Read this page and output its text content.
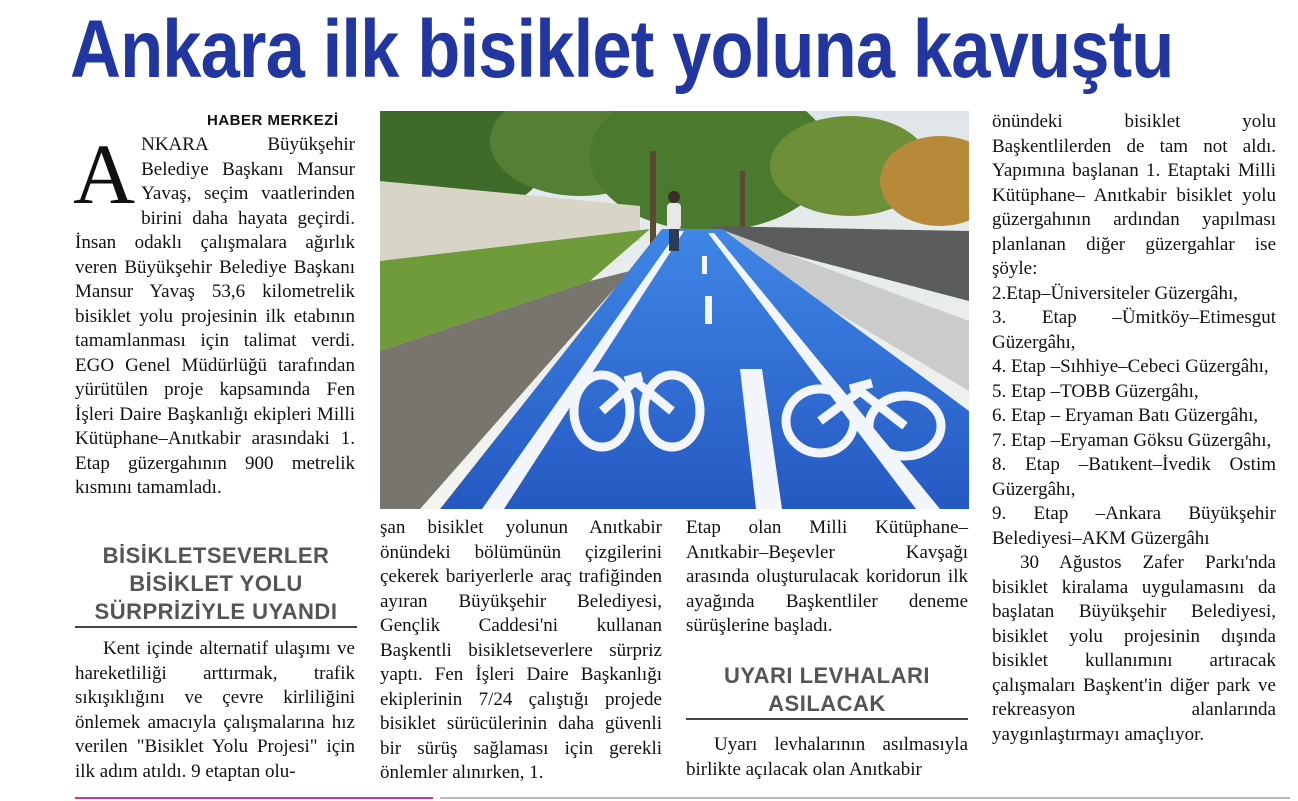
Ankara ilk bisiklet yoluna kavuştu
HABER MERKEZİ

ANKARA Büyükşehir Belediye Başkanı Mansur Yavaş, seçim vaatlerinden birini daha hayata geçirdi. İnsan odaklı çalışmalara ağırlık veren Büyükşehir Belediye Başkanı Mansur Yavaş 53,6 kilometrelik bisiklet yolu projesinin ilk etabının tamamlanması için talimat verdi. EGO Genel Müdürlüğü tarafından yürütülen proje kapsamında Fen İşleri Daire Başkanlığı ekipleri Milli Kütüphane–Anıtkabir arasındaki 1. Etap güzergahının 900 metrelik kısmını tamamladı.

BİSİKLETSEVERLER BİSİKLET YOLU SÜRPRİZİYLE UYANDI

Kent içinde alternatif ulaşımı ve hareketliliği arttırmak, trafik sıkışıklığını ve çevre kirliliğini önlemek amacıyla çalışmalarına hız verilen "Bisiklet Yolu Projesi" için ilk adım atıldı. 9 etaptan olu-

şan bisiklet yolunun Anıtkabir önündeki bölümünün çizgilerini çekerek bariyerlerle araç trafiğinden ayıran Büyükşehir Belediyesi, Gençlik Caddesi'ni kullanan Başkentli bisikletseverlere sürpriz yaptı. Fen İşleri Daire Başkanlığı ekiplerinin 7/24 çalıştığı projede bisiklet sürücülerinin daha güvenli bir sürüş sağlaması için gerekli önlemler alınırken, 1.

Etap olan Milli Kütüphane–Anıtkabir–Beşevler Kavşağı arasında oluşturulacak koridorun ilk ayağında Başkentliler deneme sürüşlerine başladı.

UYARI LEVHALARI ASILACAK

Uyarı levhalarının asılmasıyla birlikte açılacak olan Anıtkabir

önündeki bisiklet yolu Başkentlilerden de tam not aldı. Yapımına başlanan 1. Etaptaki Milli Kütüphane– Anıtkabir bisiklet yolu güzergahının ardından yapılması planlanan diğer güzergahlar ise şöyle:

2.Etap–Üniversiteler Güzergâhı,

3. Etap –Ümitköy–Etimesgut Güzergâhı,

4. Etap –Sıhhiye–Cebeci Güzergâhı,

5. Etap –TOBB Güzergâhı,

6. Etap – Eryaman Batı Güzergâhı,

7. Etap –Eryaman Göksu Güzergâhı,

8. Etap –Batıkent–İvedik Ostim Güzergâhı,

9. Etap –Ankara Büyükşehir Belediyesi–AKM Güzergâhı

30 Ağustos Zafer Parkı'nda bisiklet kiralama uygulamasını da başlatan Büyükşehir Belediyesi, bisiklet yolu projesinin dışında bisiklet kullanımını artıracak çalışmaları Başkent'in diğer park ve rekreasyon alanlarında yaygınlaştırmayı amaçlıyor.
